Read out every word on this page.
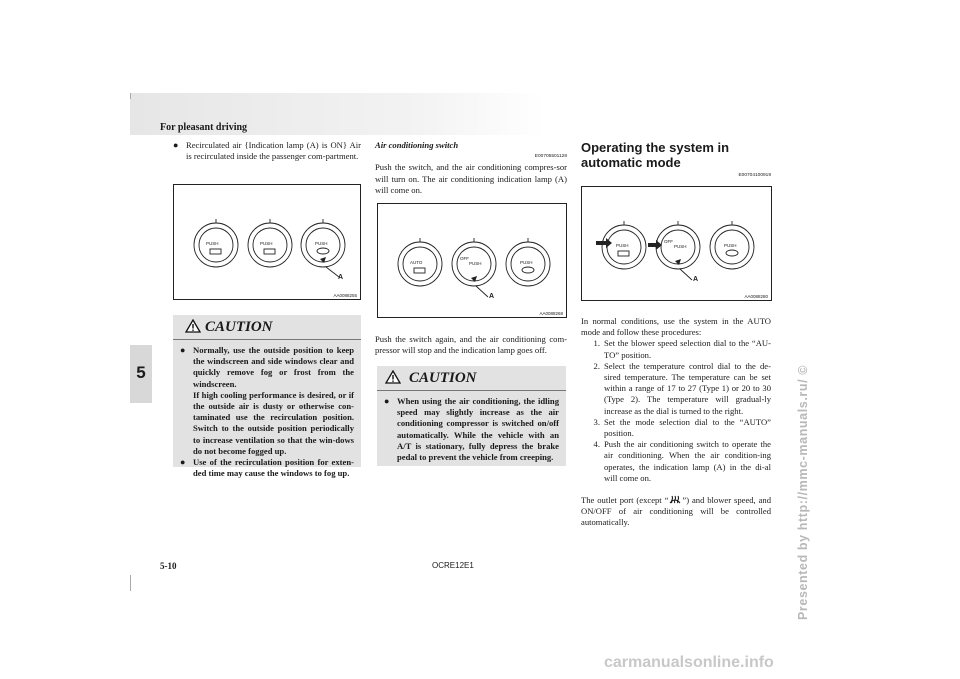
For pleasant driving
5
● Recirculated air {Indication lamp (A) is ON} Air is recirculated inside the passenger com-partment.
PUSH	PUSH	PUSH
A
AA0088255
CAUTION
● Normally, use the outside position to keep the windscreen and side windows clear and quickly remove fog or frost from the windscreen.
If high cooling performance is desired, or if the outside air is dusty or otherwise con-taminated use the recirculation position. Switch to the outside position periodically to increase ventilation so that the win-dows do not become fogged up.
● Use of the recirculation position for exten-ded time may cause the windows to fog up.
Air conditioning switch
E00705501128
Push the switch, and the air conditioning compres-sor will turn on. The air conditioning indication lamp (A) will come on.
AUTO
OFF
PUSH	PUSH
A
AA0088268
Push the switch again, and the air conditioning com-pressor will stop and the indication lamp goes off.
CAUTION
● When using the air conditioning, the idling speed may slightly increase as the air conditioning compressor is switched on/off automatically. While the vehicle with an A/T is stationary, fully depress the brake pedal to prevent the vehicle from creeping.
Operating the system in automatic mode
E00704100919
PUSH
OFF
PUSH	PUSH
A
AA0088280
In normal conditions, use the system in the AUTO mode and follow these procedures:
1. Set the blower speed selection dial to the “AU-TO” position.
2. Select the temperature control dial to the de-sired temperature. The temperature can be set within a range of 17 to 27 (Type 1) or 20 to 30 (Type 2). The temperature will gradual-ly increase as the dial is turned to the right.
3. Set the mode selection dial to the “AUTO” position.
4. Push the air conditioning switch to operate the air conditioning. When the air condition-ing operates, the indication lamp (A) in the di-al will come on.
The outlet port (except “ ”) and blower speed, and ON/OFF of air conditioning will be controlled automatically.
5-10	OCRE12E1	Presented by http://mmc-manuals.ru/ ©
carmanualsonline.info
